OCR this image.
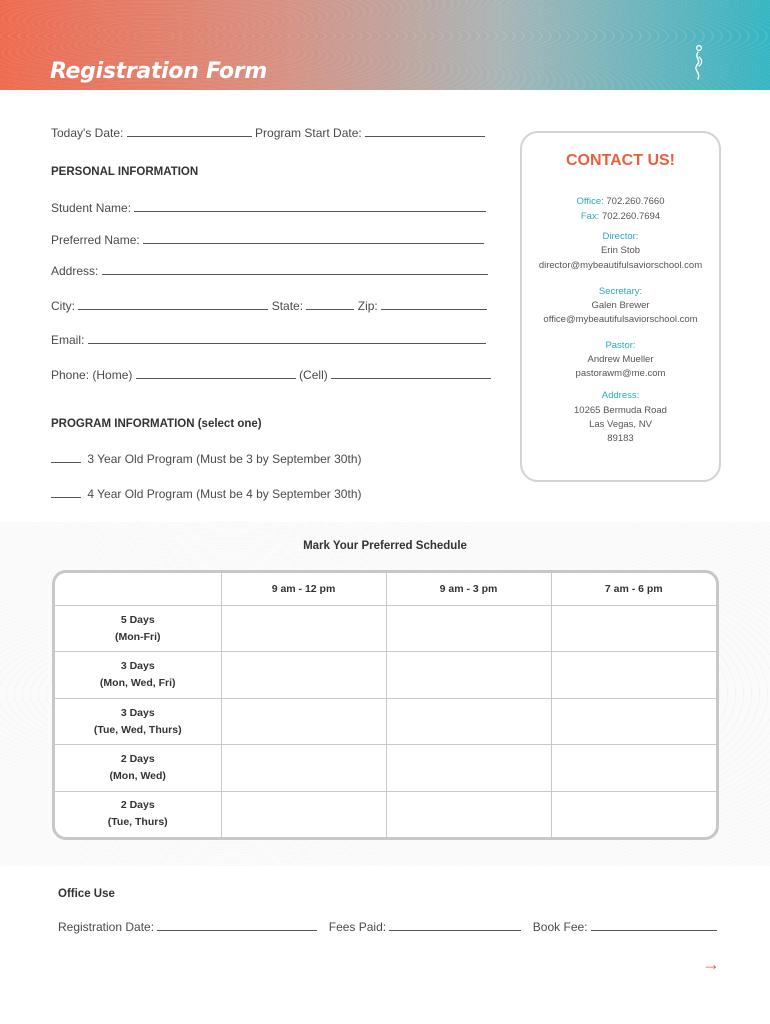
Registration Form
Today's Date:	Program Start Date:
PERSONAL INFORMATION
Student Name:
Preferred Name:
Address:
City:	State:	Zip:
Email:
Phone: (Home)	(Cell)
PROGRAM INFORMATION (select one)
3 Year Old Program (Must be 3 by September 30th)
4 Year Old Program (Must be 4 by September 30th)
CONTACT US!
Office: 702.260.7660
Fax: 702.260.7694
Director:
Erin Stob
director@mybeautifulsaviorschool.com
Secretary:
Galen Brewer
office@mybeautifulsaviorschool.com
Pastor:
Andrew Mueller
pastorawm@me.com
Address:
10265 Bermuda Road
Las Vegas, NV
89183
Mark Your Preferred Schedule
	9 am - 12 pm	9 am - 3 pm	7 am - 6 pm
5 Days
(Mon-Fri)			
3 Days
(Mon, Wed, Fri)			
3 Days
(Tue, Wed, Thurs)			
2 Days
(Mon, Wed)			
2 Days
(Tue, Thurs)			
Office Use
Registration Date:	Fees Paid:	Book Fee:
→
